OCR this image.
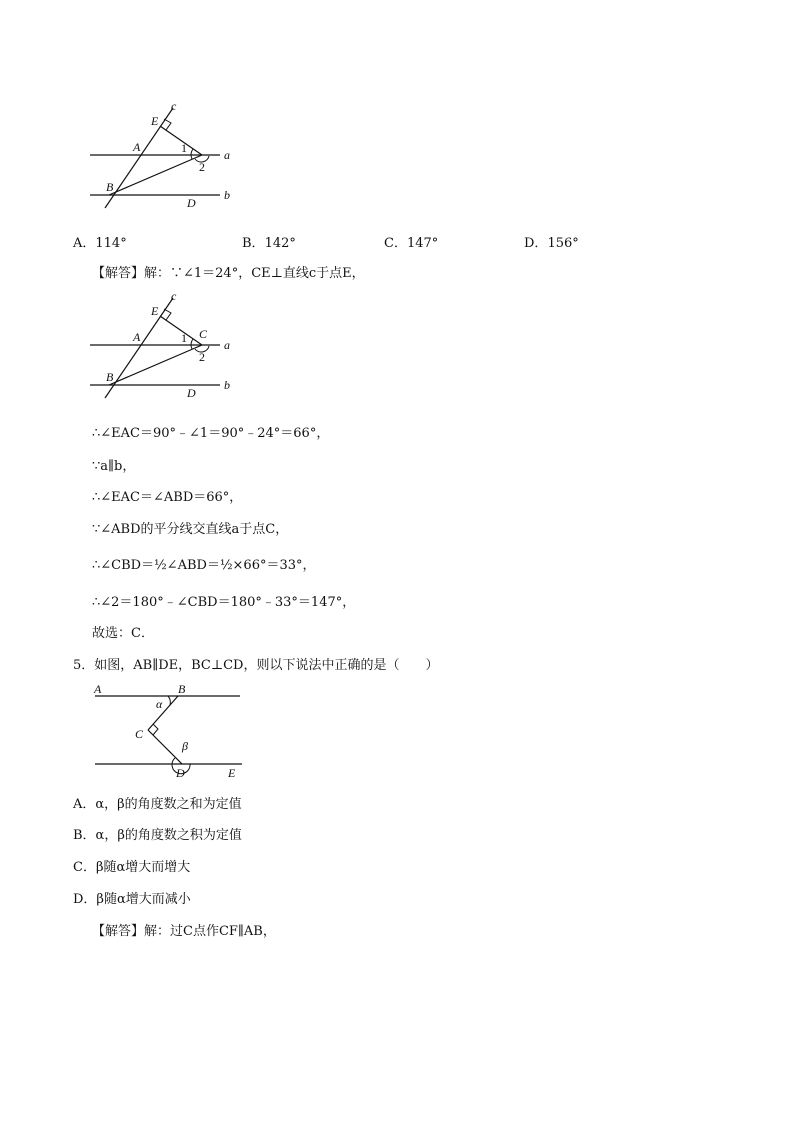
c
E
A	1
2
a
B
D
b
A．114°	B．142°	C．147°	D．156°
【解答】解：∵∠1＝24°，CE⊥直线c于点E，
c
E
A	C
1
2
a
B
D
b
∴∠EAC＝90°﹣∠1＝90°﹣24°＝66°，
∵a∥b，
∴∠EAC＝∠ABD＝66°，
∵∠ABD的平分线交直线a于点C，
∴∠CBD＝½∠ABD＝½×66°＝33°，
∴∠2＝180°﹣∠CBD＝180°﹣33°＝147°，
故选：C．
5．如图，AB∥DE，BC⊥CD，则以下说法中正确的是（　　）
A	B
α
C
β
D	E
A．α，β的角度数之和为定值
B．α，β的角度数之积为定值
C．β随α增大而增大
D．β随α增大而减小
【解答】解：过C点作CF∥AB，
